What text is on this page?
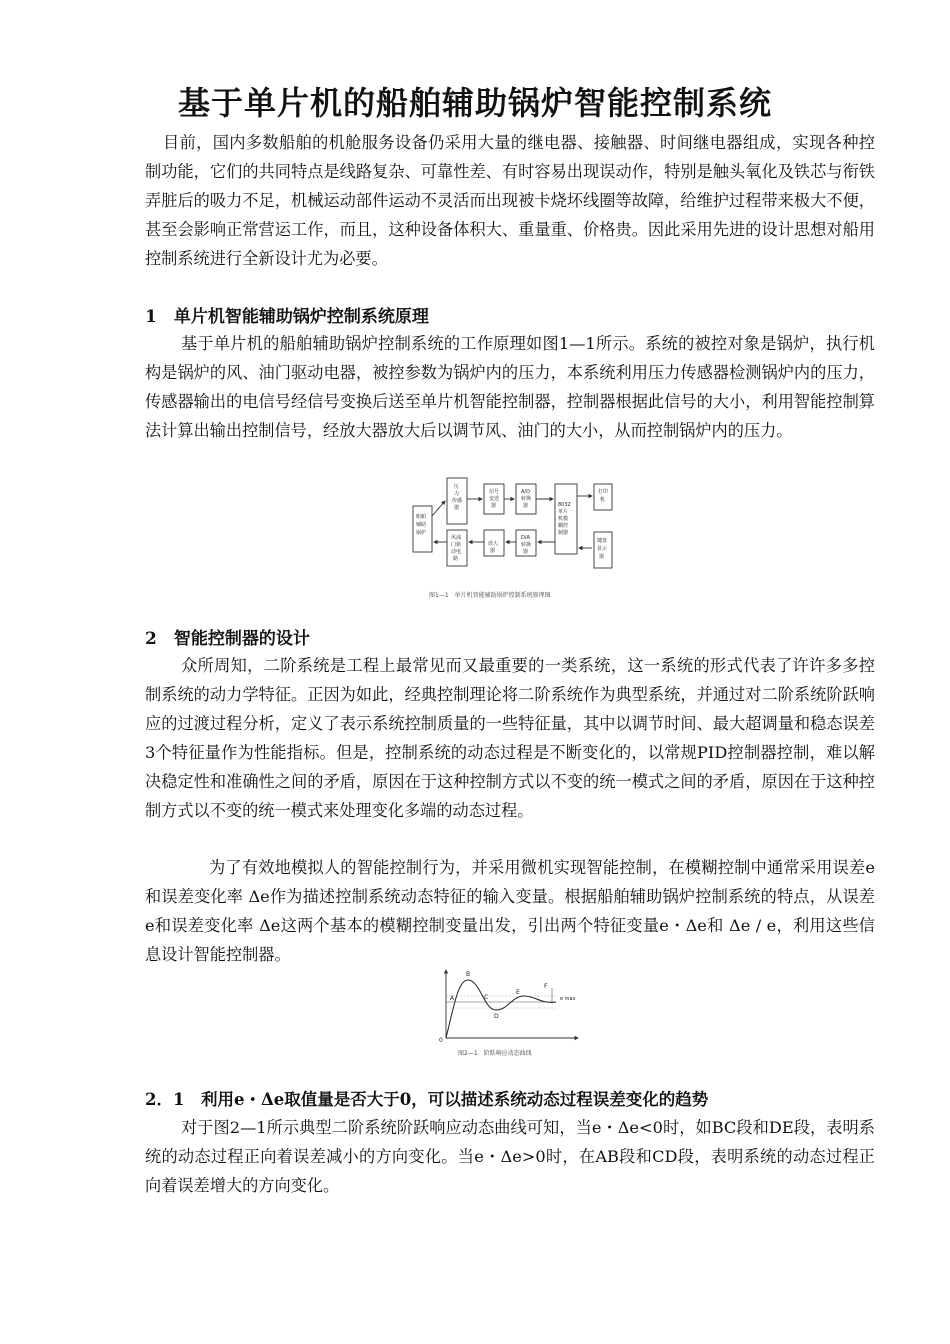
基于单片机的船舶辅助锅炉智能控制系统

目前，国内多数船舶的机舱服务设备仍采用大量的继电器、接触器、时间继电器组成，实现各种控制功能，它们的共同特点是线路复杂、可靠性差、有时容易出现误动作，特别是触头氧化及铁芯与衔铁弄脏后的吸力不足，机械运动部件运动不灵活而出现被卡烧坏线圈等故障，给维护过程带来极大不便，甚至会影响正常营运工作，而且，这种设备体积大、重量重、价格贵。因此采用先进的设计思想对船用控制系统进行全新设计尤为必要。

1　单片机智能辅助锅炉控制系统原理

基于单片机的船舶辅助锅炉控制系统的工作原理如图1—1所示。系统的被控对象是锅炉，执行机构是锅炉的风、油门驱动电器，被控参数为锅炉内的压力，本系统利用压力传感器检测锅炉内的压力，传感器输出的电信号经信号变换后送至单片机智能控制器，控制器根据此信号的大小，利用智能控制算法计算出输出控制信号，经放大器放大后以调节风、油门的大小，从而控制锅炉内的压力。

船舶辅助锅炉
压力传感器
信号变送器
A/D 转换器	8032 单片机模糊控制器
打印机
键盘显示器
风油门驱动电路
放大器
D/A 转换器
图1—1　单片机智能辅助锅炉控制系统原理图
2　智能控制器的设计

众所周知，二阶系统是工程上最常见而又最重要的一类系统，这一系统的形式代表了许许多多控制系统的动力学特征。正因为如此，经典控制理论将二阶系统作为典型系统，并通过对二阶系统阶跃响应的过渡过程分析，定义了表示系统控制质量的一些特征量，其中以调节时间、最大超调量和稳态误差3个特征量作为性能指标。但是，控制系统的动态过程是不断变化的，以常规PID控制器控制，难以解决稳定性和准确性之间的矛盾，原因在于这种控制方式以不变的统一模式之间的矛盾，原因在于这种控制方式以不变的统一模式来处理变化多端的动态过程。

为了有效地模拟人的智能控制行为，并采用微机实现智能控制，在模糊控制中通常采用误差e和误差变化率 Δe作为描述控制系统动态特征的输入变量。根据船舶辅助锅炉控制系统的特点，从误差e和误差变化率 Δe这两个基本的模糊控制变量出发，引出两个特征变量e・Δe和 Δe / e，利用这些信息设计智能控制器。

A
B
C
D
E
F
e max
0
图2—1　阶跃响应动态曲线
2．1　利用e・Δe取值量是否大于0，可以描述系统动态过程误差变化的趋势

对于图2—1所示典型二阶系统阶跃响应动态曲线可知，当e・Δe<0时，如BC段和DE段，表明系统的动态过程正向着误差减小的方向变化。当e・Δe>0时，在AB段和CD段，表明系统的动态过程正向着误差增大的方向变化。
